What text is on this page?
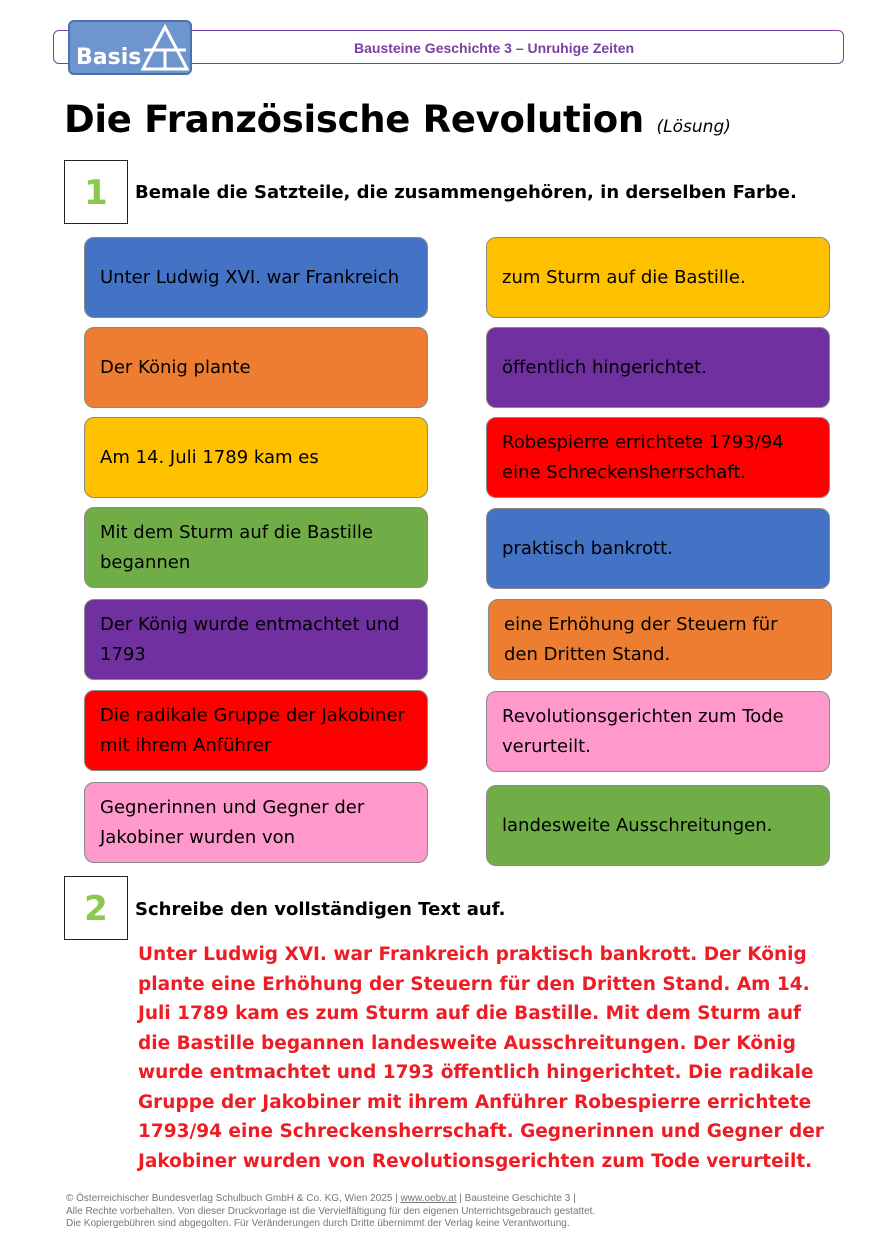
Bausteine Geschichte 3 – Unruhige Zeiten
Basis
Die Französische Revolution (Lösung)
1	Bemale die Satzteile, die zusammengehören, in derselben Farbe.
Unter Ludwig XVI. war Frankreich
Der König plante
Am 14. Juli 1789 kam es
Mit dem Sturm auf die Bastille begannen
Der König wurde entmachtet und 1793
Die radikale Gruppe der Jakobiner mit ihrem Anführer
Gegnerinnen und Gegner der Jakobiner wurden von
zum Sturm auf die Bastille.
öffentlich hingerichtet.
Robespierre errichtete 1793/94 eine Schreckensherrschaft.
praktisch bankrott.
eine Erhöhung der Steuern für den Dritten Stand.
Revolutionsgerichten zum Tode verurteilt.
landesweite Ausschreitungen.
2	Schreibe den vollständigen Text auf.
Unter Ludwig XVI. war Frankreich praktisch bankrott. Der König plante eine Erhöhung der Steuern für den Dritten Stand. Am 14. Juli 1789 kam es zum Sturm auf die Bastille. Mit dem Sturm auf die Bastille begannen landesweite Ausschreitungen. Der König wurde entmachtet und 1793 öffentlich hingerichtet. Die radikale Gruppe der Jakobiner mit ihrem Anführer Robespierre errichtete 1793/94 eine Schreckensherrschaft. Gegnerinnen und Gegner der Jakobiner wurden von Revolutionsgerichten zum Tode verurteilt.
© Österreichischer Bundesverlag Schulbuch GmbH & Co. KG, Wien 2025 | www.oebv.at | Bausteine Geschichte 3 |
Alle Rechte vorbehalten. Von dieser Druckvorlage ist die Vervielfältigung für den eigenen Unterrichtsgebrauch gestattet.
Die Kopiergebühren sind abgegolten. Für Veränderungen durch Dritte übernimmt der Verlag keine Verantwortung.
